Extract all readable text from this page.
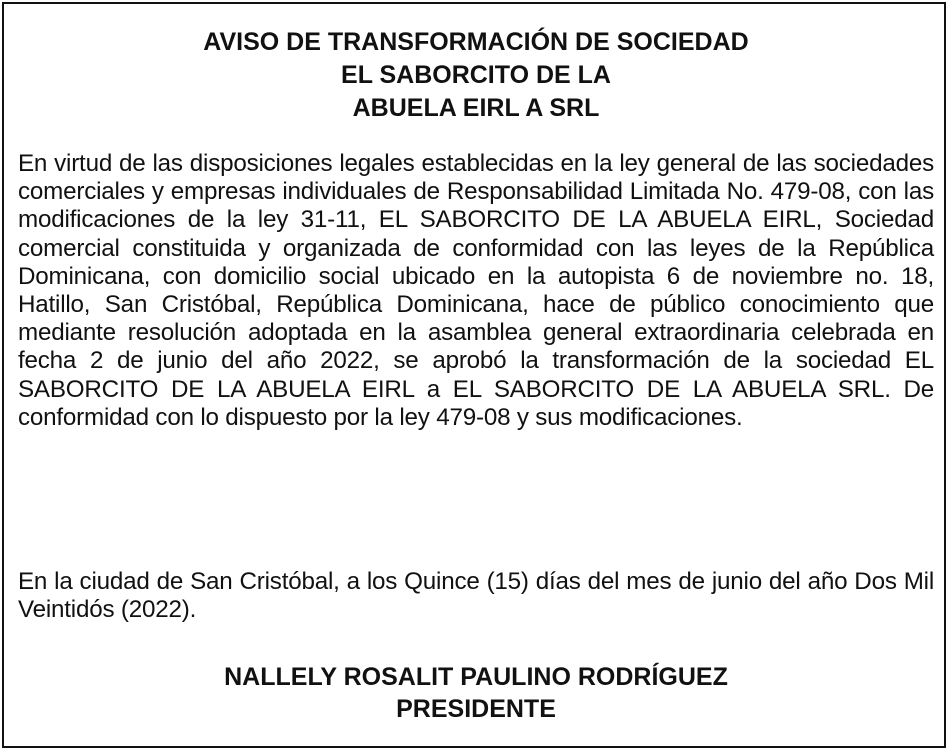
AVISO DE TRANSFORMACIÓN DE SOCIEDAD
EL SABORCITO DE LA
ABUELA EIRL A SRL
En virtud de las disposiciones legales establecidas en la ley general de las sociedades comerciales y empresas individuales de Responsabilidad Limitada No. 479-08, con las modificaciones de la ley 31-11, EL SABORCITO DE LA ABUELA EIRL, Sociedad comercial constituida y organizada de conformidad con las leyes de la República Dominicana, con domicilio social ubicado en la autopista 6 de noviembre no. 18, Hatillo, San Cristóbal, República Dominicana, hace de público conocimiento que mediante resolución adoptada en la asamblea general extraordinaria celebrada en fecha 2 de junio del año 2022, se aprobó la transformación de la sociedad EL SABORCITO DE LA ABUELA EIRL a EL SABORCITO DE LA ABUELA SRL. De conformidad con lo dispuesto por la ley 479-08 y sus modificaciones.
En la ciudad de San Cristóbal, a los Quince (15) días del mes de junio del año Dos Mil Veintidós (2022).
NALLELY ROSALIT PAULINO RODRÍGUEZ
PRESIDENTE
